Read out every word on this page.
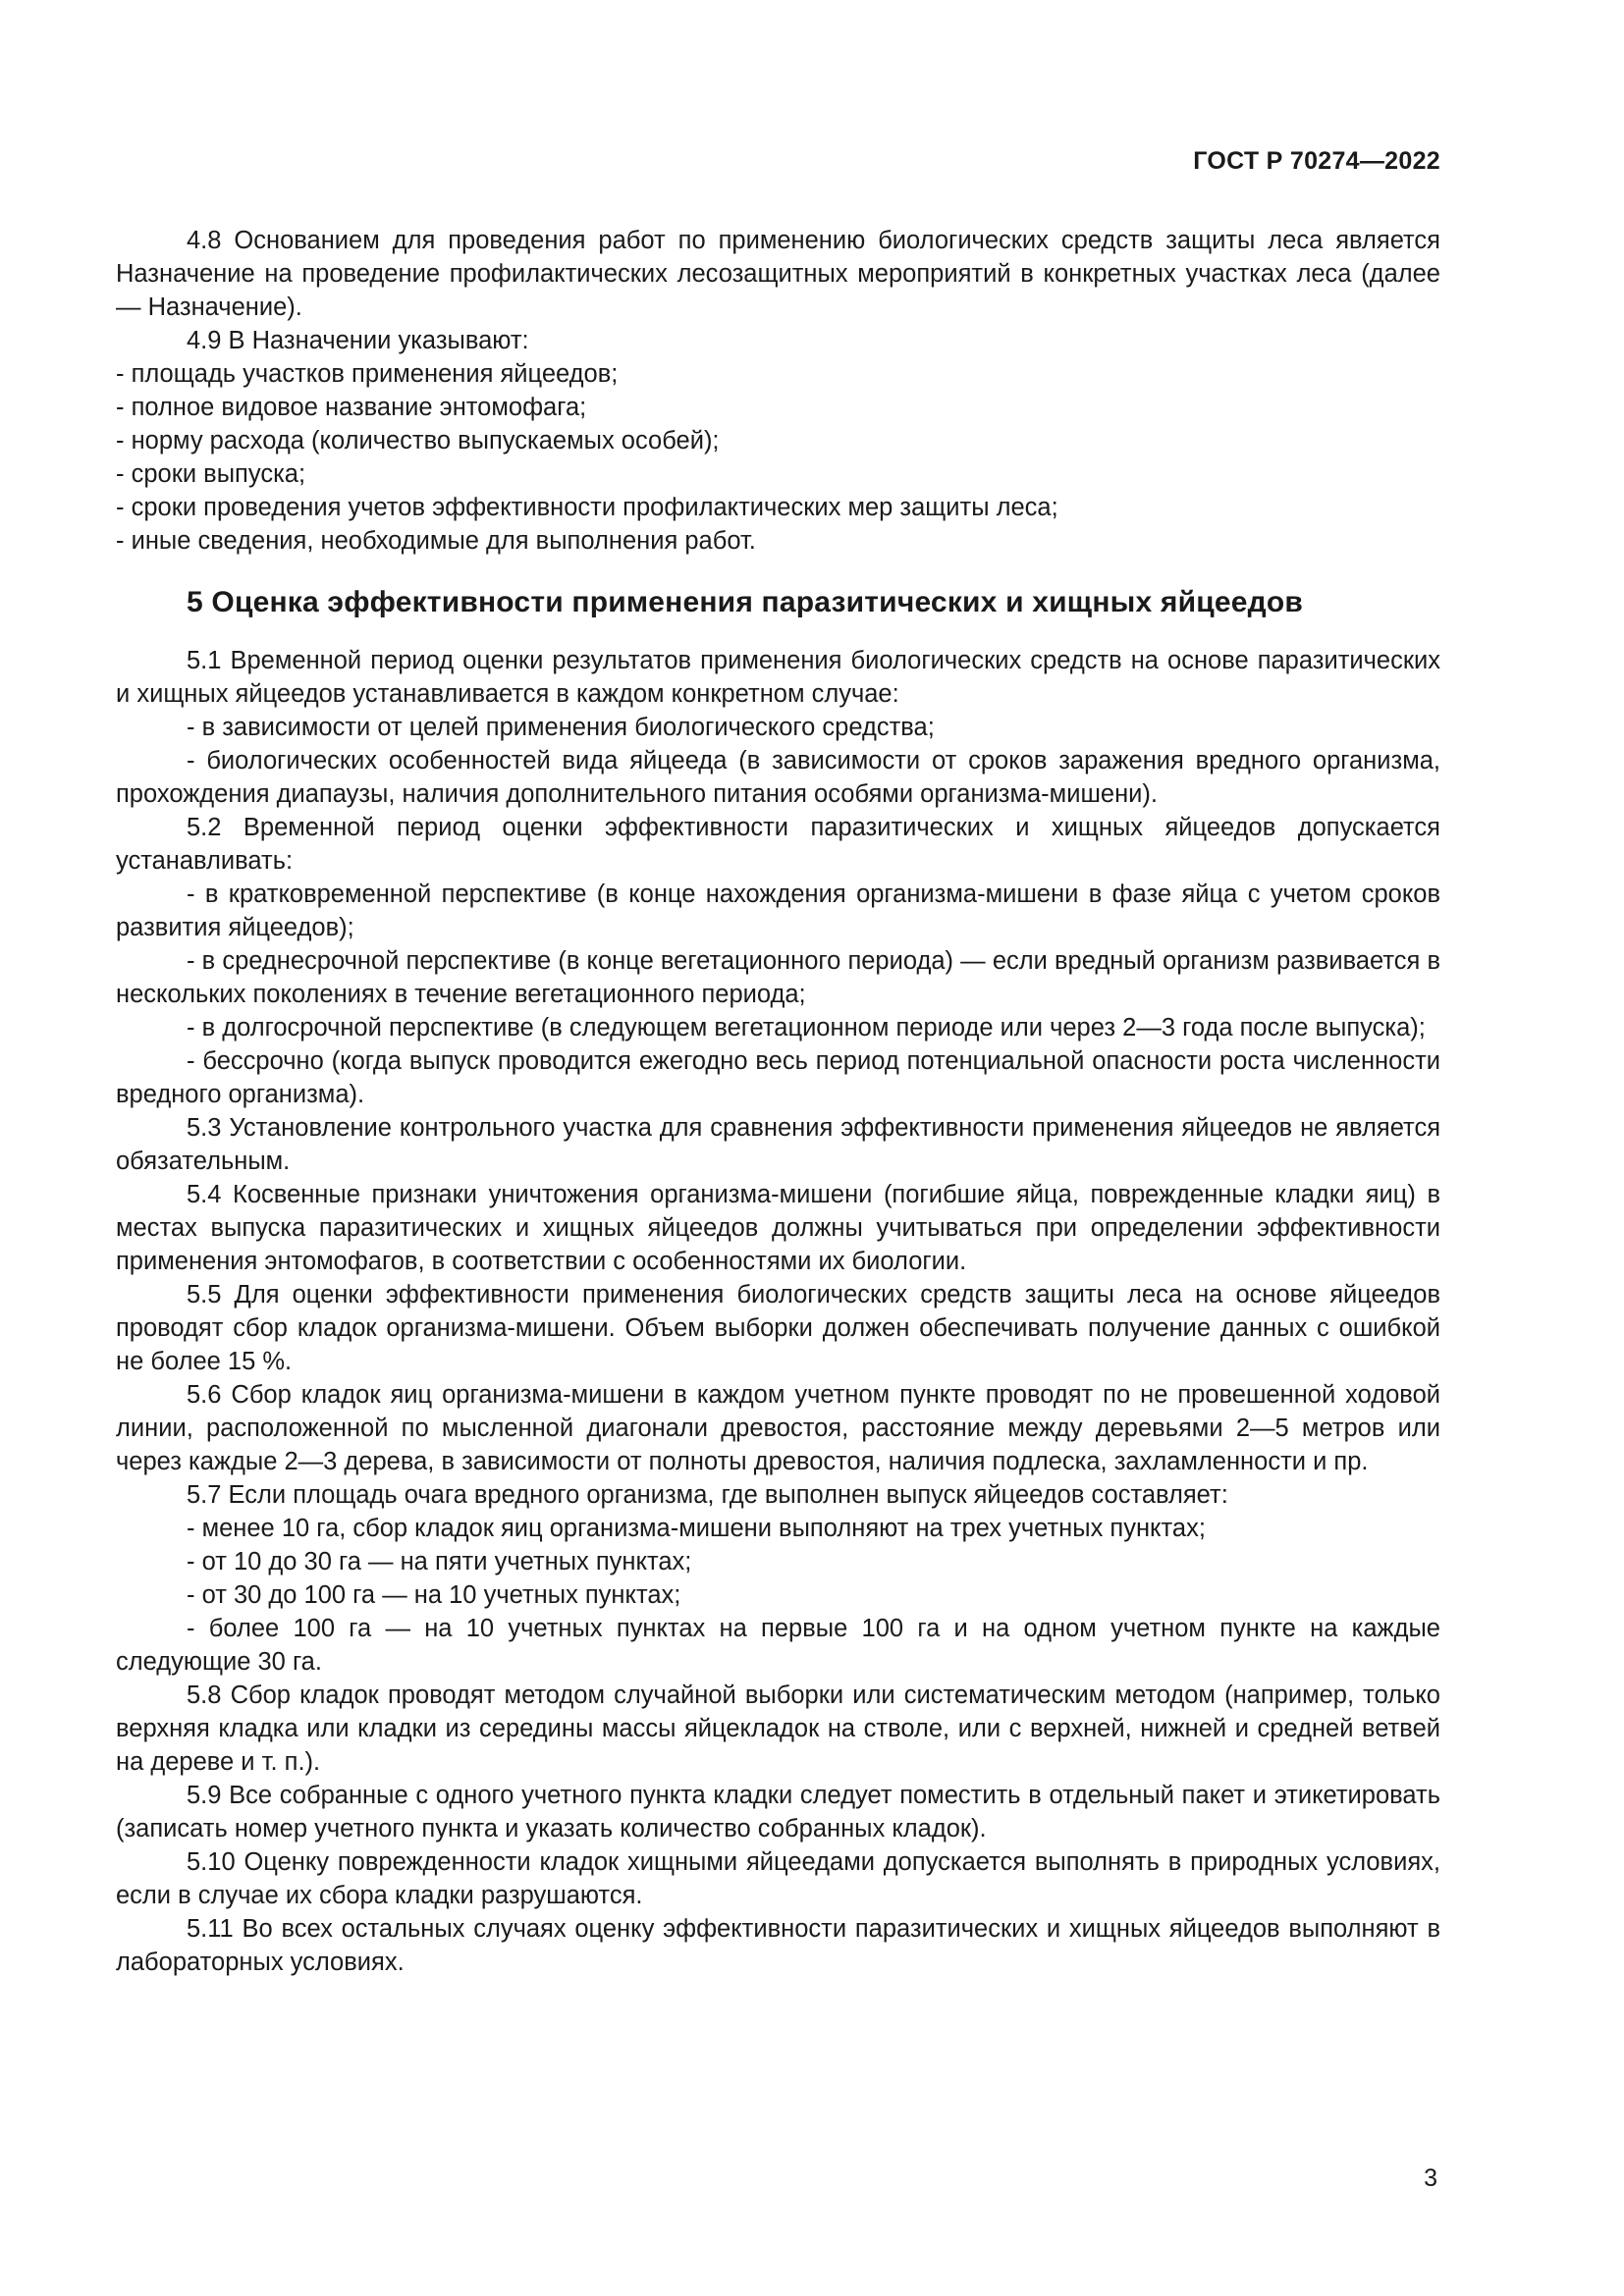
ГОСТ Р 70274—2022

4.8 Основанием для проведения работ по применению биологических средств защиты леса является Назначение на проведение профилактических лесозащитных мероприятий в конкретных участках леса (далее — Назначение).

4.9 В Назначении указывают:

- площадь участков применения яйцеедов;

- полное видовое название энтомофага;

- норму расхода (количество выпускаемых особей);

- сроки выпуска;

- сроки проведения учетов эффективности профилактических мер защиты леса;

- иные сведения, необходимые для выполнения работ.

5 Оценка эффективности применения паразитических и хищных яйцеедов

5.1 Временной период оценки результатов применения биологических средств на основе паразитических и хищных яйцеедов устанавливается в каждом конкретном случае:

- в зависимости от целей применения биологического средства;

- биологических особенностей вида яйцееда (в зависимости от сроков заражения вредного организма, прохождения диапаузы, наличия дополнительного питания особями организма-мишени).

5.2 Временной период оценки эффективности паразитических и хищных яйцеедов допускается устанавливать:

- в кратковременной перспективе (в конце нахождения организма-мишени в фазе яйца с учетом сроков развития яйцеедов);

- в среднесрочной перспективе (в конце вегетационного периода) — если вредный организм развивается в нескольких поколениях в течение вегетационного периода;

- в долгосрочной перспективе (в следующем вегетационном периоде или через 2—3 года после выпуска);

- бессрочно (когда выпуск проводится ежегодно весь период потенциальной опасности роста численности вредного организма).

5.3 Установление контрольного участка для сравнения эффективности применения яйцеедов не является обязательным.

5.4 Косвенные признаки уничтожения организма-мишени (погибшие яйца, поврежденные кладки яиц) в местах выпуска паразитических и хищных яйцеедов должны учитываться при определении эффективности применения энтомофагов, в соответствии с особенностями их биологии.

5.5 Для оценки эффективности применения биологических средств защиты леса на основе яйцеедов проводят сбор кладок организма-мишени. Объем выборки должен обеспечивать получение данных с ошибкой не более 15 %.

5.6 Сбор кладок яиц организма-мишени в каждом учетном пункте проводят по не провешенной ходовой линии, расположенной по мысленной диагонали древостоя, расстояние между деревьями 2—5 метров или через каждые 2—3 дерева, в зависимости от полноты древостоя, наличия подлеска, захламленности и пр.

5.7 Если площадь очага вредного организма, где выполнен выпуск яйцеедов составляет:

- менее 10 га, сбор кладок яиц организма-мишени выполняют на трех учетных пунктах;

- от 10 до 30 га — на пяти учетных пунктах;

- от 30 до 100 га — на 10 учетных пунктах;

- более 100 га — на 10 учетных пунктах на первые 100 га и на одном учетном пункте на каждые следующие 30 га.

5.8 Сбор кладок проводят методом случайной выборки или систематическим методом (например, только верхняя кладка или кладки из середины массы яйцекладок на стволе, или с верхней, нижней и средней ветвей на дереве и т. п.).

5.9 Все собранные с одного учетного пункта кладки следует поместить в отдельный пакет и этикетировать (записать номер учетного пункта и указать количество собранных кладок).

5.10 Оценку поврежденности кладок хищными яйцеедами допускается выполнять в природных условиях, если в случае их сбора кладки разрушаются.

5.11 Во всех остальных случаях оценку эффективности паразитических и хищных яйцеедов выполняют в лабораторных условиях.

3
